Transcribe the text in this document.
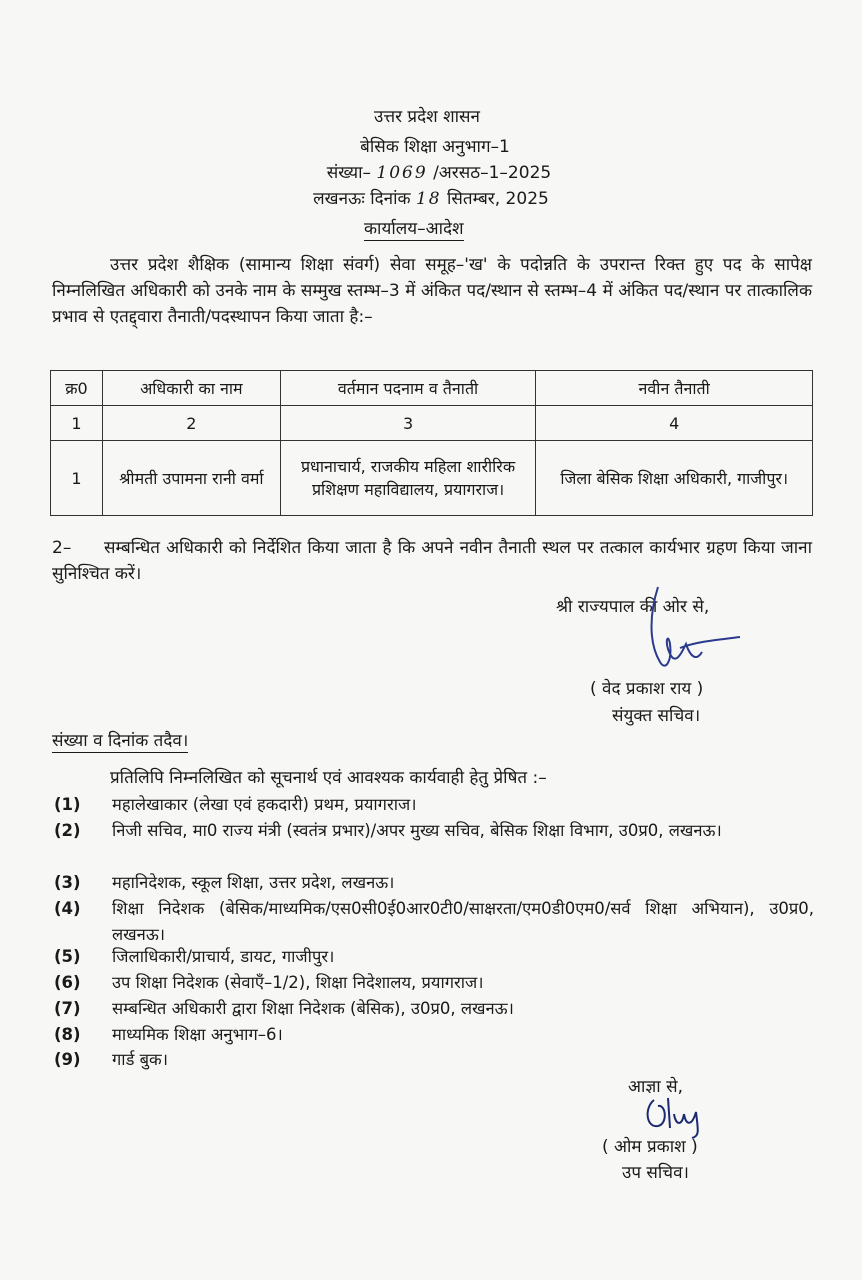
उत्तर प्रदेश शासन
बेसिक शिक्षा अनुभाग–1
संख्या– 1069 /अरसठ–1–2025
लखनऊः दिनांक 18 सितम्बर, 2025
कार्यालय–आदेश
उत्तर प्रदेश शैक्षिक (सामान्य शिक्षा संवर्ग) सेवा समूह–'ख' के पदोन्नति के उपरान्त रिक्त हुए पद के सापेक्ष निम्नलिखित अधिकारी को उनके नाम के सम्मुख स्तम्भ–3 में अंकित पद/स्थान से स्तम्भ–4 में अंकित पद/स्थान पर तात्कालिक प्रभाव से एतद्द्वारा तैनाती/पदस्थापन किया जाता है:–
क्र0	अधिकारी का नाम	वर्तमान पदनाम व तैनाती	नवीन तैनाती
1	2	3	4
1	श्रीमती उपामना रानी वर्मा	प्रधानाचार्य, राजकीय महिला शारीरिक प्रशिक्षण महाविद्यालय, प्रयागराज।	जिला बेसिक शिक्षा अधिकारी, गाजीपुर।
2– सम्बन्धित अधिकारी को निर्देशित किया जाता है कि अपने नवीन तैनाती स्थल पर तत्काल कार्यभार ग्रहण किया जाना सुनिश्चित करें।
श्री राज्यपाल की ओर से,
( वेद प्रकाश राय )
संयुक्त सचिव।
संख्या व दिनांक तदैव।
प्रतिलिपि निम्नलिखित को सूचनार्थ एवं आवश्यक कार्यवाही हेतु प्रेषित :–
(1)	महालेखाकार (लेखा एवं हकदारी) प्रथम, प्रयागराज।
(2)	निजी सचिव, मा0 राज्य मंत्री (स्वतंत्र प्रभार)/अपर मुख्य सचिव, बेसिक शिक्षा विभाग, उ0प्र0, लखनऊ।
(3)	महानिदेशक, स्कूल शिक्षा, उत्तर प्रदेश, लखनऊ।
(4)	शिक्षा निदेशक (बेसिक/माध्यमिक/एस0सी0ई0आर0टी0/साक्षरता/एम0डी0एम0/सर्व शिक्षा अभियान), उ0प्र0, लखनऊ।
(5)	जिलाधिकारी/प्राचार्य, डायट, गाजीपुर।
(6)	उप शिक्षा निदेशक (सेवाएँ–1/2), शिक्षा निदेशालय, प्रयागराज।
(7)	सम्बन्धित अधिकारी द्वारा शिक्षा निदेशक (बेसिक), उ0प्र0, लखनऊ।
(8)	माध्यमिक शिक्षा अनुभाग–6।
(9)	गार्ड बुक।
आज्ञा से,
( ओम प्रकाश )
उप सचिव।
